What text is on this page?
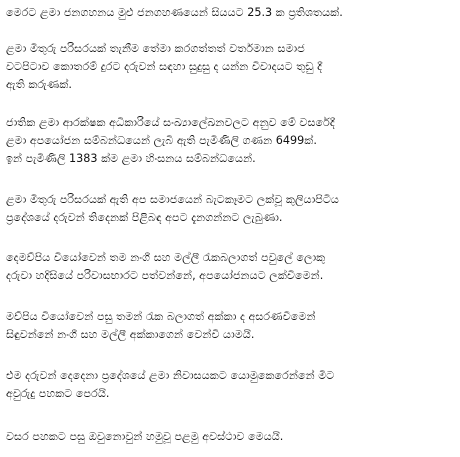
මෙරට ළමා ජනගහනය මුළු ජනගහණයෙන් සියයට 25.3 ක ප්‍රතිශතයක්.

ළමා මිතුරු පරිසරයක් තැනීම තේමා කරගත්තත් වර්තමාන සමාජ
වටපිටාව කොතරම් දුරට දරුවන් සඳහා සුදුසු ද යන්න විවාදයට තුඩු දී
ඇති කරුණක්.

ජාතික ළමා ආරක්ෂක අධිකාරියේ සංඛ්‍යාලේඛනවලට අනුව මේ වසරේදී
ළමා අපයෝජන සම්බන්ධයෙන් ලැබී ඇති පැමිණිලි ගණන 6499ක්.
ඉන් පැමිණිලි 1383 ක්ම ළමා හිංසනය සම්බන්ධයෙන්.

ළමා මිතුරු පරිසරයක් ඇති අප සමාජයෙන් බැටකෑමට ලක්වූ කුලියාපිටිය
ප්‍රදේශයේ දරුවන් තිදෙනක් පිළිබඳ අපට දැනගන්නට ලැබුණා.

දෙමව්පිය වියෝවෙන් තම නංගී සහ මල්ලී රැකබලාගත් පවුලේ ලොකු
දරුවා හදිසියේ පරිවාසභාරට පත්වන්නේ, අපයෝජනයට ලක්විමෙන්.

මව්පිය වියෝවෙන් පසු තමන් රැක බලාගත් අක්කා ද අසරණවීමෙන්
සිඳුවන්නේ නංගී සහ මල්ලී අක්කාගෙන් වෙන්වී යාමයි.

එම දරුවන් දෙදෙනා ප්‍රදේශයේ ළමා නිවාසයකට යොමුකෙරෙන්නේ මීට
අවුරුදු පහකට පෙරයි.

වසර පහකට පසු ඔවුනොවුන් හමුවූ පළමු අවස්ථාව මෙයයි.
